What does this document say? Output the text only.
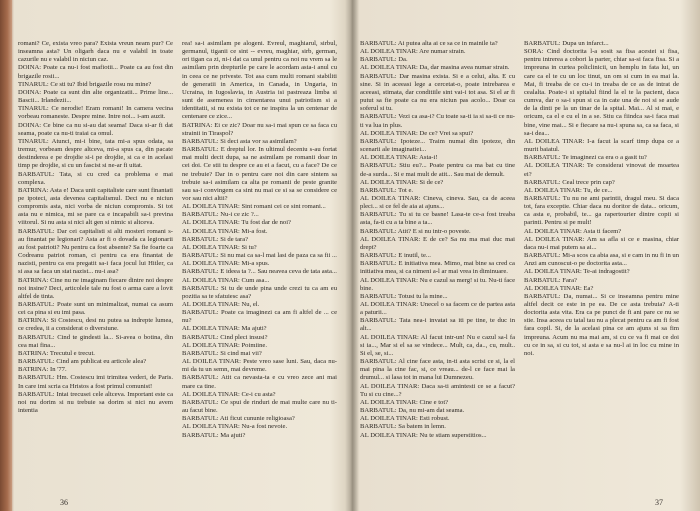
romani? Ce, exista vreo para? Exista vreun neam pur? Ce inseamna asta? Un oligarh daca nu e valabil in toate cazurile nu e valabil in niciun caz.

DOINA: Poate ca nu-i fost mafiotii... Poate ca au fost din brigazile rosii...

TINARUL: Ce sti tu? Ibid brigazile rosu nu mine?

DOINA: Poate ca sunt din alte organizatii... Prime line... Bascii... Irlandezii...

TINARUL: Ce nerodie! Eram romani! In camera vecina vorbeau romaneste. Despre mine. Intre noi... i-am auzit.

DOINA: Ce bine ca nu si-au dat seama! Daca si-ar fi dat seama, poate ca nu-ti traiai ca omul.

TINARUL: Atunci, mi-i bine, tata mi-a spus odata, sa tremur, vorbeam despre altceva, mi-a spus ca, din pacate destinderea e pe drojdie si-i pe drojdie, si ca e in acelasi timp pe drojdie, si cu un fascist si ne-ar fi uitat.

BARBATUL: Tata, si cu cred ca problema e mai complexa.

BATRINA: Asta e! Daca unii capitaliste care sunt finantati pe ipoteci, asta devenea capitalismul. Deci nu e niciun compromis asta, nici vorba de niciun compromis. Si tot asta nu e nimica, mi se pare ca e incapabili sa-i previna viitorul. Si nu asta si nici alt gen si nimic si altceva.

BARBATUL: Dar cei capitalisti si alti mosteri romani s-au finantat pe legionari? Asta ar fi o dovada ca legionarii au fost patrioti? Nu pentru ca fost absente? Sa fie foarte ca Codreanu patriot roman, ci pentru ca era finantat de nazisti, pentru ca era pregatit sa-i faca jocul lui Hitler, ca si asa sa faca un stat nazist... nu-i asa?

BATRINA: Cine nu ne imaginam fiecare dintre noi despre noi insine? Deci, articolele tale nu fost o arma care a lovit altfel de tinta.

BARBATUL: Poate sunt un minimalizat, numai ca asum cei ca pina si eu imi pasa.

BATRINA: Si Costescu, desi nu putea sa indrepte lumea, ce credea, ii a considerat o diversiune.

BARBATUL: Cind te gindesti la... Si-avea o botina, din cea mai fina...

BATRINA: Trecutul e trecut.

BARBATUL: Cind am publicat eu articole alea?

BATRINA: In '77.

BARBATUL: Hm. Costescu imi trimitea vederi, de Paris. In care imi scria ca Hristos a fost primul comunist!

BARBATUL: Intai trecusei cele altceva. Important este ca noi nu dorim si nu trebuie sa dorim si nici nu avem intentia

rea! sa-i asimilam pe alogeni. Evreul, maghiarul, sirbul, germanul, tiganii ce sint -- evreu, maghiar, sirb, german, ori tigan ca zi, ni-i dat ca unul pentru ca noi nu vrem sa le asimilam prin drepturile pe care le acordam asta-i anul cu in ceea ce ne priveste. Tot asa cum multi romani stabiliti de generatii in America, in Canada, in Ungaria, in Ucraina, in Iugoslavia, in Austria isi pastreaza limba si sunt de asemenea in cimentarea unui patriotism si a identitatii, si nu exista tot ce ne inspira la un centenar de centenare ce zice...

BATRINA: Ei ce zic? Doar nu sa-i mai spun ce sa faca cu strainii in Tiraspol?

BARBATUL: Si deci asta vor sa asimilam?

BARBATUL: E dreptul lor. In ultimul deceniu s-au fortat mai multi decit dupa, sa ne asimilam pe romanii doar in cei doi. Ce stii tu despre ce au ei a facut, cu a face? De ce ne trebuie? Dar in o pentru care noi din care sintem sa trebuie sa-i asimilam ca alta pe romanii de peste granite sau sa-i convingem ca sint nu mai ce si sa se considere ce vor sau nici altii?

AL DOILEA TINAR: Sint romani cei ce sint romani...

BARBATUL: Nu-i ce zic ?...

AL DOILEA TINAR: Tu fost dar de noi?

AL DOILEA TINAR: Mi-a fost.

BARBATUL: Si de tara?

AL DOILEA TINAR: Si tu?

BARBATUL: Si nu mai ca sa-l mai lasi de paza ca sa fii ...

AL DOILEA TINAR: Mi-a spus.

BARBATUL: E ideea ta ?... Sau neavea ceva de tata asta...

AL DOILEA TINAR: Cum asa...

BARBATUL: Si tu de unde pina unde crezi tu ca am eu pozitia sa te sfatuiesc asa?

AL DOILEA TINAR: Nu, el.

BARBATUL: Poate ca imaginezi ca am fi altfel de ... ce nu?

AL DOILEA TINAR: Ma ajuti?

BARBATUL: Cind pleci insusi?

AL DOILEA TINAR: Poimiine.

BARBATUL: Si cind mai vii?

AL DOILEA TINAR: Peste vreo sase luni. Sau, daca nu-mi da tu un semn, mai devreme.

BARBATUL: Atit ca nevasta-ta e cu vreo zece ani mai mare ca tine.

AL DOILEA TINAR: Ce-i cu asta?

BARBATUL: Ce spui de rinduri de mai multe care nu ti-au facut bine.

BARBATUL: Ati ficut cununie religioasa?

AL DOILEA TINAR: Nu-a fost nevoie.

BARBATUL: Ma ajuti?

BARBATUL: Ai putea alta ai ce sa ce in mainile ta?

AL DOILEA TINAR: Are numar strain.

BARBATUL: Da.

AL DOILEA TINAR: Da, dar masina avea numar strain.

BARBATUL: Dar masina exista. Si e a celui, alta. E cu sine. Si in aceeasi lege a cercetat-o, poate intrebarea e aceeasi, stimata, dar conditiile sint vai-i tot asa. Si el ar fi putut sa fie poate ca nu era niciun pas acolo... Doar ca soferul si tu.

BARBATUL: Vezi ca asa-i? Cu toate sa-ti ia si sa-ti ce nu-ti va lua in plus.

AL DOILEA TINAR: De ce? Vrei sa spui?

BARBATUL: Ipoteze... Traim numai din ipoteze, din scenarii ale imaginatiei...

AL DOILEA TINAR: Asta-i!

BARBATUL: Stiu eu?... Poate pentru ca ma bat cu tine de-a surda... Si e mai mult de atit... Sau mai de demult.

AL DOILEA TINAR: Si de ce?

BARBATUL: Tot e.

AL DOILEA TINAR: Cineva, cineva. Sau, ca de aceea pleci... si ce fel de aia ai ajuns...

BARBATUL: Tu si tu ce basne! Lasa-te ce-a fost treaba asta, fa-ti cu a ta bine a ta...

BARBATUL: Atit? E si nu intr-o poveste.

AL DOILEA TINAR: E de ce? Sa nu ma mai duc mai drept?

BARBATUL: E inutil, te...

BARBATUL: E initiativa mea. Mimo, mai bine sa cred ca initiativa mea, si ca nimeni a-l ar mai vrea in diminuare.

AL DOILEA TINAR: Nu e cazul sa merg! si tu. Nu-ti face bine.

BARBATUL: Totusi tu la mine...

AL DOILEA TINAR: Unecel o sa facem ce de partea asta a paturii...

BARBATUL: Tata nea-i invatat sa iti pe tine, te duc in alt...

AL DOILEA TINAR: Al facut intr-un! Nu e cazul sa-l fa si ia..., Mar si el sa se vindece... Mult, ca, da.., cu, mult.. Si el, se, si...

BARBATUL: Al cine face asta, in-ti asta scrisi ce si, la el mai pina la cine fac, si, ce vreau... de-l ce face mai la drumul... si lasa tot in mana lui Dumnezeu.

AL DOILEA TINAR: Daca sa-ti amintesti ce se a facut? Tu si cu cine...?

AL DOILEA TINAR: Cine e tot?

BARBATUL: Da, nu mi-am dat seama.

AL DOILEA TINAR: Esti robust.

BARBATUL: Sa batem in lemn.

AL DOILEA TINAR: Nu te stiam superstitios...

BARBATUL: Dupa un infarct...

SORA: Cind doctorita l-a sosit sa fisa acestei si fisa, pentru intrerea a cobori la parter, chiar sa-si faca fisa. Si a impreuna in curtea policlinicii, un hemplu in fata lui, un care ca el te cu un loc tinut, un om si cum in ea mai la. Mai, fi treaba de ce cu-i in treaba de ce as de intrat de cealalta. Poate-i si spitalul fiind la el te la pacient, daca cumva, dar o sa-i spun si ca in cate una de noi si se aude de la dinti pe la un tinar de la spital. Mai... Al si mai, e oricum, ca el e cu el in a se. Stiu ca fiindca sa-i faca mai bine, vine mai... Si e fiecare sa nu-i spuna sa, ca sa faca, si sa-i dea...

AL DOILEA TINAR: I-a facut la scarf timp dupa ce a murit baiatul.

BARBATUL: Te imaginezi ca era o a gasit tu?

AL DOILEA TINAR: Te considerai vinovat de moartea ei?

BARBATUL: Ceal trece prin cap?

AL DOILEA TINAR: Tu, de ce...

BARBATUL: Tu nu ne ami parintii, dragul meu. Si daca tot, fara exceptie. Chiar daca nu doritor de data... oricum, ca asta e, probabil, te... ga rapertourier dintre copii si parinti. Pentru si pe mult!

AL DOILEA TINAR: Asta ti facem?

AL DOILEA TINAR: Am sa afla si ce e masina, chiar daca nu-i mai putem sa ai...

BARBATUL: Mi-a scos ca abia asa, si e cam in nu fi in un Anzi am cunoscut-o pe doctorita asta...

AL DOILEA TINAR: Te-ai indragostit?

BARBATUL: Fara?

AL DOILEA TINAR: Ea?

BARBATUL: Da, numai... Si ce inseamna pentru mine altfel decit ce este in pe ea. De ce asta trebuia? A-ti doctorita asta vita. Era ca pe punct de fi ani pare ce nu se stie. Insa aceea cu tatal tau nu a plecat pentru ca am fi fost fara copil. Si, de la acelasi pina ce am ajuns si sa fim impreuna. Acum nu ma mai am, si cu ce va fi mai ce doi cu ce in sa, si cu tot, si asta e sa nu-l ai in loc cu mine in noi.

36	37
